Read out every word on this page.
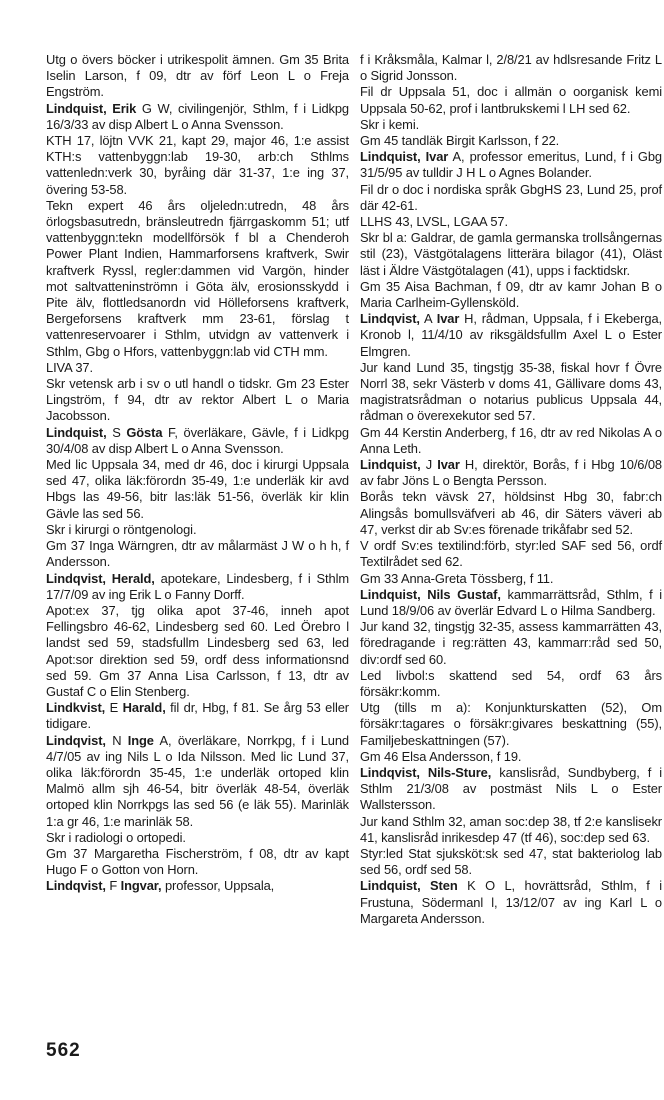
Utg o övers böcker i utrikespolit ämnen. Gm 35 Brita Iselin Larson, f 09, dtr av förf Leon L o Freja Engström.

Lindquist, Erik G W, civilingenjör, Sthlm, f i Lidkpg 16/3/33 av disp Albert L o Anna Svensson.

KTH 17, löjtn VVK 21, kapt 29, major 46, 1:e assist KTH:s vattenbyggn:lab 19-30, arb:ch Sthlms vattenledn:verk 30, byråing där 31-37, 1:e ing 37, övering 53-58.

Tekn expert 46 års oljeledn:utredn, 48 års örlogsbasutredn, bränsleutredn fjärrgaskomm 51; utf vattenbyggn:tekn modellförsök f bl a Chenderoh Power Plant Indien, Hammarforsens kraftverk, Swir kraftverk Ryssl, regler:dammen vid Vargön, hinder mot saltvatteninströmn i Göta älv, erosionsskydd i Pite älv, flottledsanordn vid Hölleforsens kraftverk, Bergeforsens kraftverk mm 23-61, förslag t vattenreservoarer i Sthlm, utvidgn av vattenverk i Sthlm, Gbg o Hfors, vattenbyggn:lab vid CTH mm.

LIVA 37.

Skr vetensk arb i sv o utl handl o tidskr. Gm 23 Ester Lingström, f 94, dtr av rektor Albert L o Maria Jacobsson.

Lindquist, S Gösta F, överläkare, Gävle, f i Lidkpg 30/4/08 av disp Albert L o Anna Svensson.

Med lic Uppsala 34, med dr 46, doc i kirurgi Uppsala sed 47, olika läk:förordn 35-49, 1:e underläk kir avd Hbgs las 49-56, bitr las:läk 51-56, överläk kir klin Gävle las sed 56.

Skr i kirurgi o röntgenologi.

Gm 37 Inga Wärngren, dtr av målarmäst J W o h h, f Andersson.

Lindqvist, Herald, apotekare, Lindesberg, f i Sthlm 17/7/09 av ing Erik L o Fanny Dorff.

Apot:ex 37, tjg olika apot 37-46, inneh apot Fellingsbro 46-62, Lindesberg sed 60. Led Örebro l landst sed 59, stadsfullm Lindesberg sed 63, led Apot:sor direktion sed 59, ordf dess informationsnd sed 59. Gm 37 Anna Lisa Carlsson, f 13, dtr av Gustaf C o Elin Stenberg.

Lindkvist, E Harald, fil dr, Hbg, f 81. Se årg 53 eller tidigare.

Lindqvist, N Inge A, överläkare, Norrkpg, f i Lund 4/7/05 av ing Nils L o Ida Nilsson. Med lic Lund 37, olika läk:förordn 35-45, 1:e underläk ortoped klin Malmö allm sjh 46-54, bitr överläk 48-54, överläk ortoped klin Norrkpgs las sed 56 (e läk 55). Marinläk 1:a gr 46, 1:e marinläk 58.

Skr i radiologi o ortopedi.

Gm 37 Margaretha Fischerström, f 08, dtr av kapt Hugo F o Gotton von Horn.

Lindqvist, F Ingvar, professor, Uppsala,

f i Kråksmåla, Kalmar l, 2/8/21 av hdlsresande Fritz L o Sigrid Jonsson.

Fil dr Uppsala 51, doc i allmän o oorganisk kemi Uppsala 50-62, prof i lantbrukskemi l LH sed 62.

Skr i kemi.

Gm 45 tandläk Birgit Karlsson, f 22.

Lindquist, Ivar A, professor emeritus, Lund, f i Gbg 31/5/95 av tulldir J H L o Agnes Bolander.

Fil dr o doc i nordiska språk GbgHS 23, Lund 25, prof där 42-61.

LLHS 43, LVSL, LGAA 57.

Skr bl a: Galdrar, de gamla germanska trollsångernas stil (23), Västgötalagens litterära bilagor (41), Oläst läst i Äldre Västgötalagen (41), upps i facktidskr.

Gm 35 Aisa Bachman, f 09, dtr av kamr Johan B o Maria Carlheim-Gyllensköld.

Lindqvist, A Ivar H, rådman, Uppsala, f i Ekeberga, Kronob l, 11/4/10 av riksgäldsfullm Axel L o Ester Elmgren.

Jur kand Lund 35, tingstjg 35-38, fiskal hovr f Övre Norrl 38, sekr Västerb v doms 41, Gällivare doms 43, magistratsrådman o notarius publicus Uppsala 44, rådman o överexekutor sed 57.

Gm 44 Kerstin Anderberg, f 16, dtr av red Nikolas A o Anna Leth.

Lindquist, J Ivar H, direktör, Borås, f i Hbg 10/6/08 av fabr Jöns L o Bengta Persson.

Borås tekn vävsk 27, höldsinst Hbg 30, fabr:ch Alingsås bomullsväfveri ab 46, dir Säters väveri ab 47, verkst dir ab Sv:es förenade trikåfabr sed 52.

V ordf Sv:es textilind:förb, styr:led SAF sed 56, ordf Textilrådet sed 62.

Gm 33 Anna-Greta Tössberg, f 11.

Lindquist, Nils Gustaf, kammarrättsråd, Sthlm, f i Lund 18/9/06 av överlär Edvard L o Hilma Sandberg.

Jur kand 32, tingstjg 32-35, assess kammarrätten 43, föredragande i reg:rätten 43, kammarr:råd sed 50, div:ordf sed 60.

Led livbol:s skattend sed 54, ordf 63 års försäkr:komm.

Utg (tills m a): Konjunkturskatten (52), Om försäkr:tagares o försäkr:givares beskattning (55), Familjebeskattningen (57).

Gm 46 Elsa Andersson, f 19.

Lindqvist, Nils-Sture, kanslisråd, Sundbyberg, f i Sthlm 21/3/08 av postmäst Nils L o Ester Wallstersson.

Jur kand Sthlm 32, aman soc:dep 38, tf 2:e kanslisekr 41, kanslisråd inrikesdep 47 (tf 46), soc:dep sed 63.

Styr:led Stat sjuksköt:sk sed 47, stat bakteriolog lab sed 56, ordf sed 58.

Lindquist, Sten K O L, hovrättsråd, Sthlm, f i Frustuna, Södermanl l, 13/12/07 av ing Karl L o Margareta Andersson.

562
